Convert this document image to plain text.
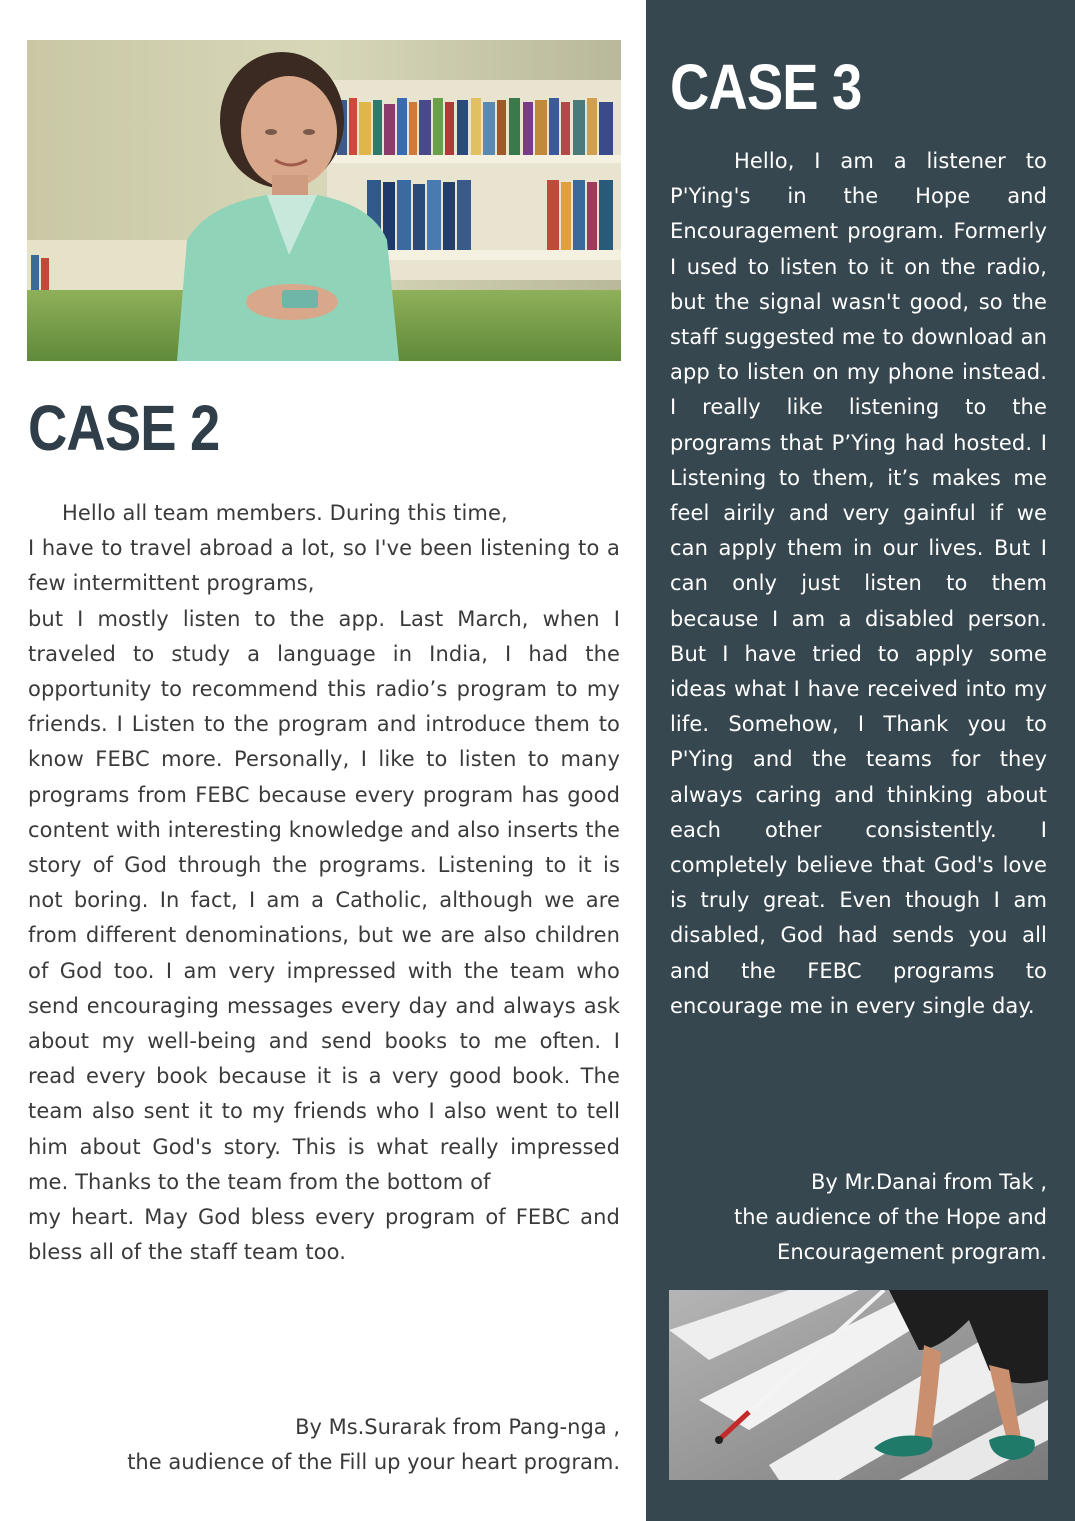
CASE 2
Hello all team members. During this time,
I have to travel abroad a lot, so I've been listening to a few intermittent programs,
but I mostly listen to the app. Last March, when I traveled to study a language in India, I had the opportunity to recommend this radio’s program to my friends. I Listen to the program and introduce them to know FEBC more. Personally, I like to listen to many programs from FEBC because every program has good content with interesting knowledge and also inserts the story of God through the programs. Listening to it is not boring. In fact, I am a Catholic, although we are from different denominations, but we are also children of God too. I am very impressed with the team who send encouraging messages every day and always ask about my well-being and send books to me often. I read every book because it is a very good book. The team also sent it to my friends who I also went to tell him about God's story. This is what really impressed me. Thanks to the team from the bottom of
my heart. May God bless every program of FEBC and bless all of the staff team too.
By Ms.Surarak from Pang-nga ,
the audience of the Fill up your heart program.
CASE 3
Hello, I am a listener to P'Ying's in the Hope and Encouragement program. Formerly I used to listen to it on the radio, but the signal wasn't good, so the staff suggested me to download an app to listen on my phone instead. I really like listening to the programs that P’Ying had hosted. I Listening to them, it’s makes me feel airily and very gainful if we can apply them in our lives. But I can only just listen to them because I am a disabled person. But I have tried to apply some ideas what I have received into my life. Somehow, I Thank you to P'Ying and the teams for they always caring and thinking about each other consistently. I completely believe that God's love is truly great. Even though I am disabled, God had sends you all and the FEBC programs to encourage me in every single day.
By Mr.Danai from Tak ,
the audience of the Hope and
Encouragement program.
